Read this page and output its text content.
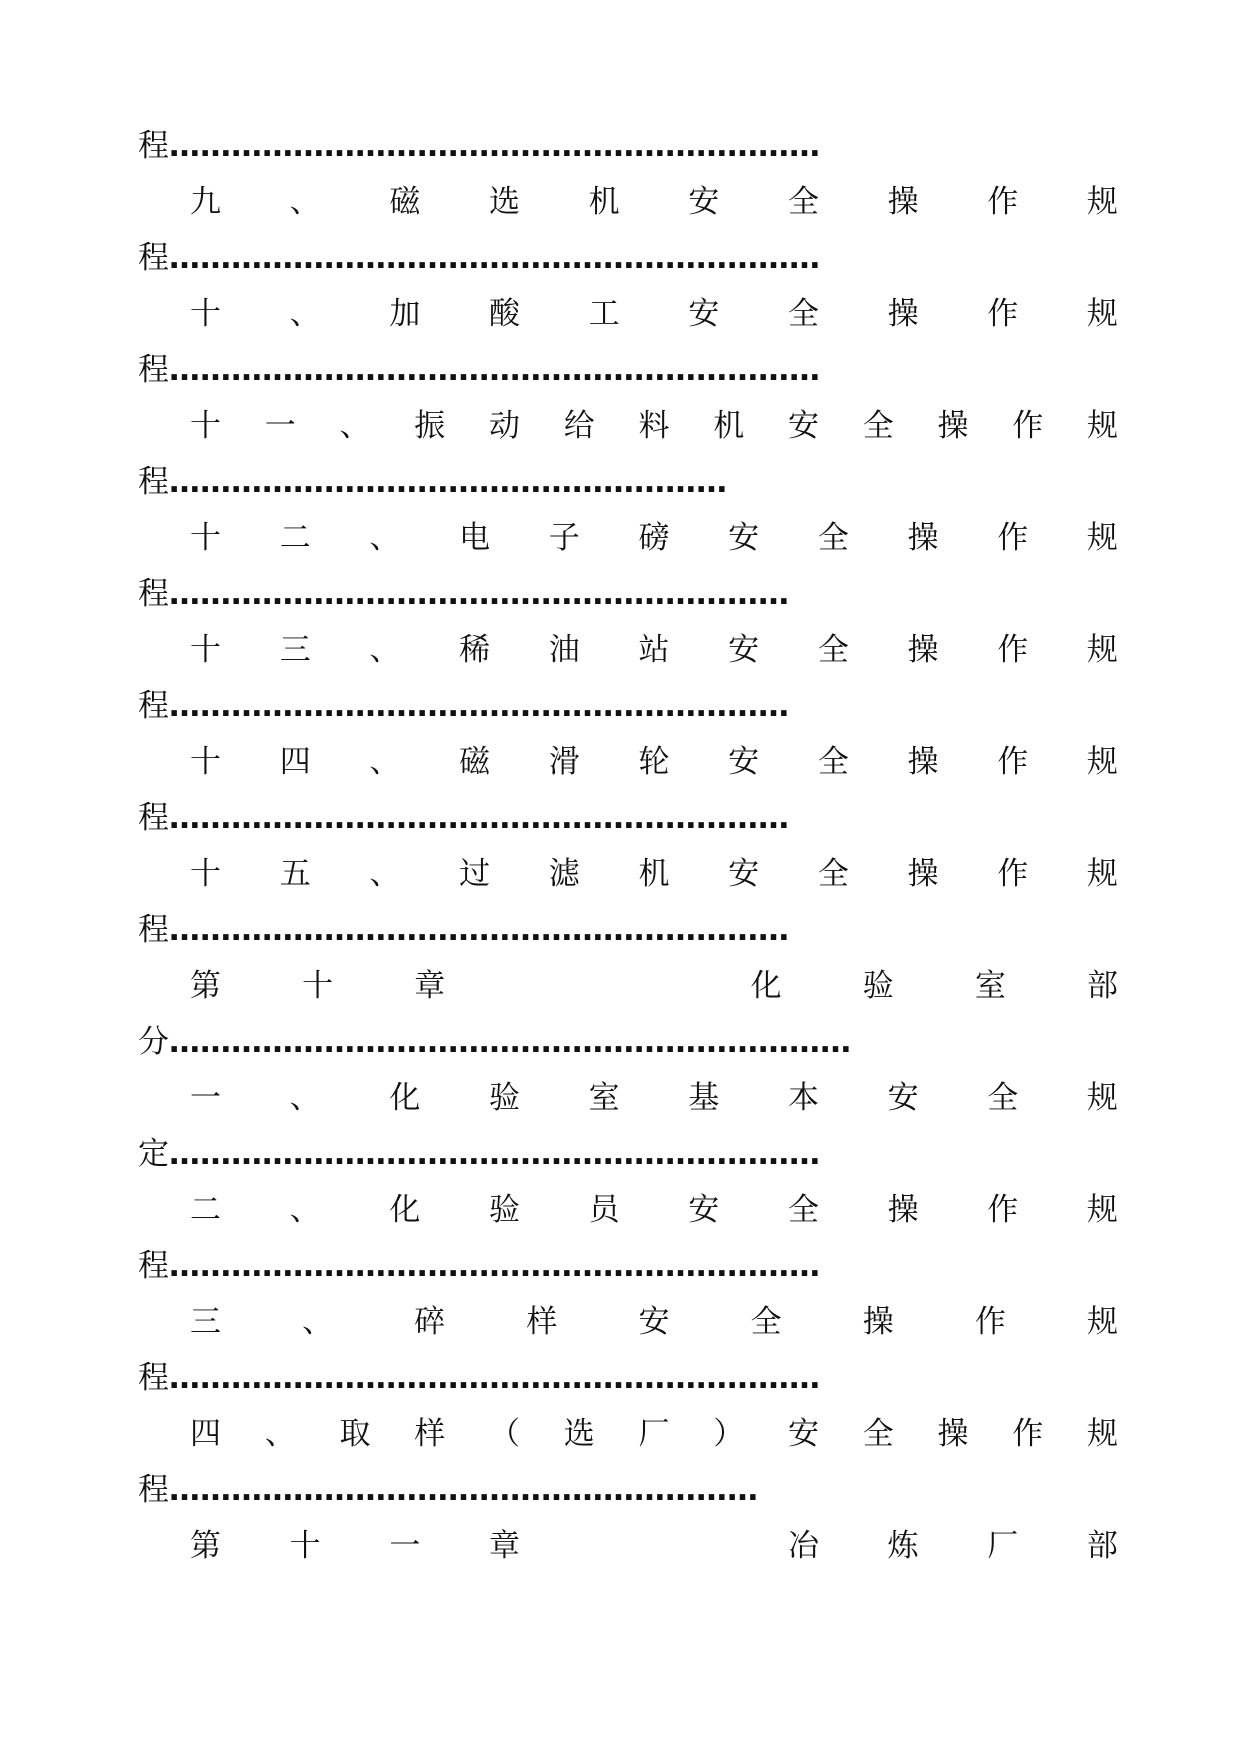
程………………………………………………………
九 、 磁 选 机 安 全 操 作 规
程………………………………………………………
十 、 加 酸 工 安 全 操 作 规
程………………………………………………………
十 一 、 振 动 给 料 机 安 全 操 作 规
程………………………………………………
十 二 、 电 子 磅 安 全 操 作 规
程……………………………………………………
十 三 、 稀 油 站 安 全 操 作 规
程……………………………………………………
十 四 、 磁 滑 轮 安 全 操 作 规
程……………………………………………………
十 五 、 过 滤 机 安 全 操 作 规
程……………………………………………………
第	十	章	化	验	室	部
分…………………………………………………………
一 、 化 验 室 基 本 安 全 规
定………………………………………………………
二 、 化 验 员 安 全 操 作 规
程………………………………………………………
三	、	碎	样	安	全	操	作	规
程………………………………………………………
四 、 取 样 （ 选 厂 ） 安 全 操 作 规
程…………………………………………………
第 十 一 章	冶 炼 厂 部
